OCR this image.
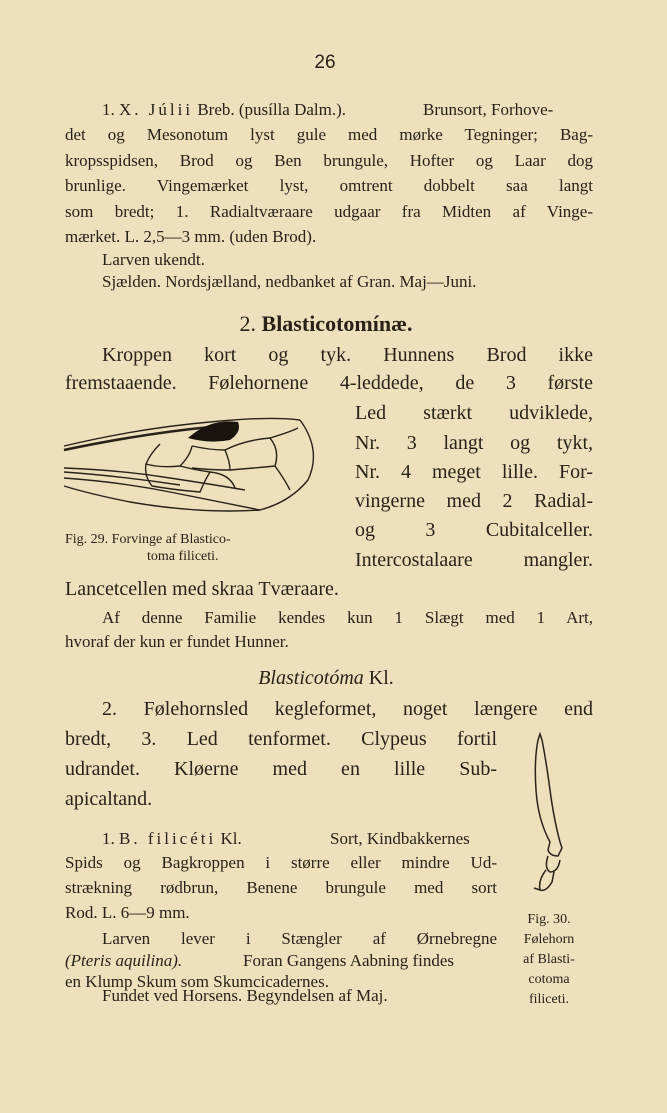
26
1. X. Júlii Breb. (pusílla Dalm.).	Brunsort, Forhove-
det og Mesonotum lyst gule med mørke Tegninger; Bag-
kropsspidsen, Brod og Ben brungule, Hofter og Laar dog
brunlige. Vingemærket lyst, omtrent dobbelt saa langt
som bredt; 1. Radialtværaare udgaar fra Midten af Vinge-
mærket. L. 2,5—3 mm. (uden Brod).
Larven ukendt.
Sjælden. Nordsjælland, nedbanket af Gran. Maj—Juni.
2. Blasticotomínæ.
Kroppen kort og tyk. Hunnens Brod ikke
fremstaaende. Følehornene 4-leddede, de 3 første
Led stærkt udviklede,
Nr. 3 langt og tykt,
Nr. 4 meget lille. For-
vingerne med 2 Radial-
og 3 Cubitalceller.
Intercostalaare mangler.
Lancetcellen med skraa Tværaare.
Fig. 29. Forvinge af Blastico-
toma filiceti.
Af denne Familie kendes kun 1 Slægt med 1 Art,
hvoraf der kun er fundet Hunner.
Blasticotóma Kl.
2. Følehornsled kegleformet, noget længere end
bredt, 3. Led tenformet. Clypeus fortil
udrandet. Kløerne med en lille Sub-
apicaltand.
1. B. filicéti Kl.	Sort, Kindbakkernes
Spids og Bagkroppen i større eller mindre Ud-
strækning rødbrun, Benene brungule med sort
Rod. L. 6—9 mm.
Larven lever i Stængler af Ørnebregne
(Pteris aquilina).	Foran Gangens Aabning findes
en Klump Skum som Skumcicadernes.
Fundet ved Horsens. Begyndelsen af Maj.
Fig. 30.
Følehorn
af Blasti-
cotoma
filiceti.
